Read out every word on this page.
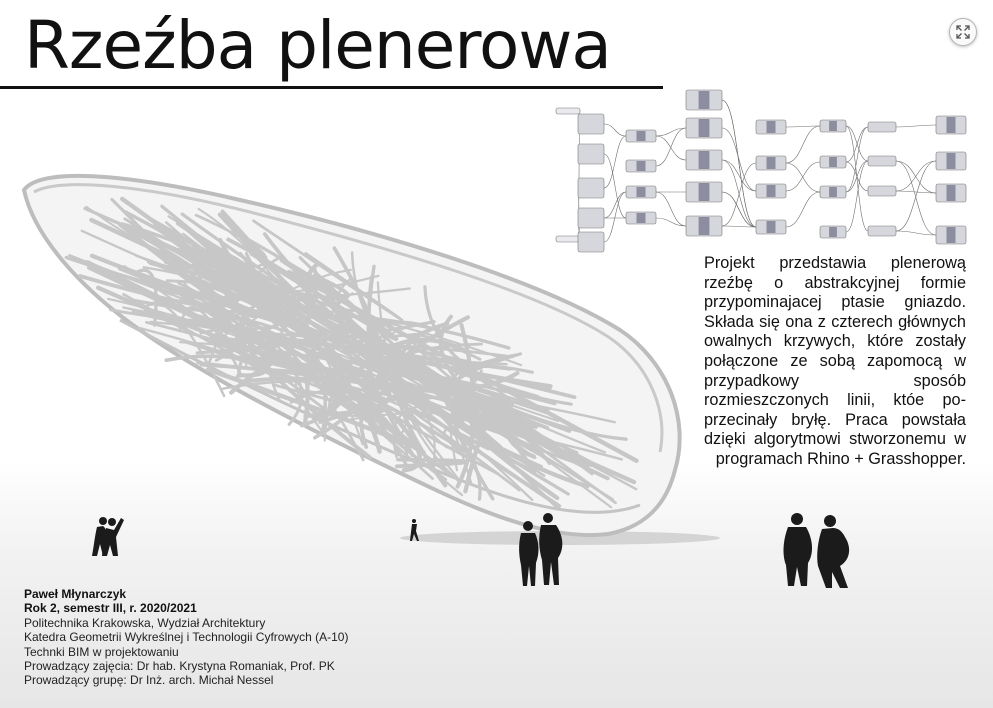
Rzeźba plenerowa

Projekt przedstawia plenerową rzeźbę o abstrakcyjnej formie przypominajacej ptasie gniazdo. Składa się ona z czterech głównych owalnych krzywych, które zostały połączone ze sobą zapomocą w przypadkowy sposób rozmieszczonych linii, któe poprzecinały bryłę. Praca powstała dzięki algorytmowi stworzonemu w programach Rhino + Grasshopper.

Paweł Młynarczyk
Rok 2, semestr III, r. 2020/2021
Politechnika Krakowska, Wydział Architektury
Katedra Geometrii Wykreślnej i Technologii Cyfrowych (A-10)
Technki BIM w projektowaniu
Prowadzący zajęcia: Dr hab. Krystyna Romaniak, Prof. PK
Prowadzący grupę: Dr Inż. arch. Michał Nessel
